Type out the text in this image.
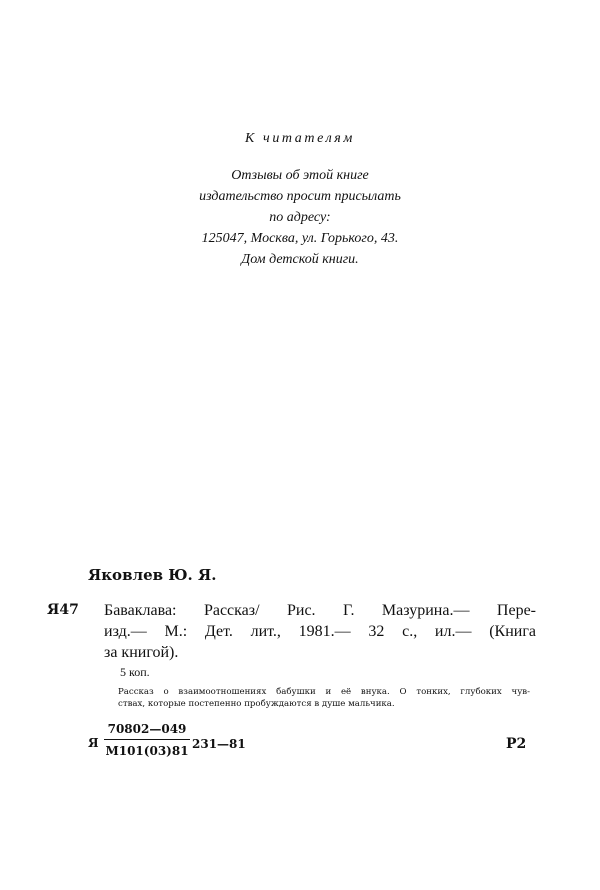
К читателям
Отзывы об этой книге
издательство просит присылать
по адресу:
125047, Москва, ул. Горького, 43.
Дом детской книги.
Яковлев Ю. Я.
Я47 Баваклава: Рассказ/ Рис. Г. Мазурина.— Пере-
изд.— М.: Дет. лит., 1981.— 32 с., ил.— (Книга
за книгой).
5 коп.
Рассказ о взаимоотношениях бабушки и её внука. О тонких, глубоких чув-
ствах, которые постепенно пробуждаются в душе мальчика.
Я
70802—049
М101(03)81 231—81	Р2
